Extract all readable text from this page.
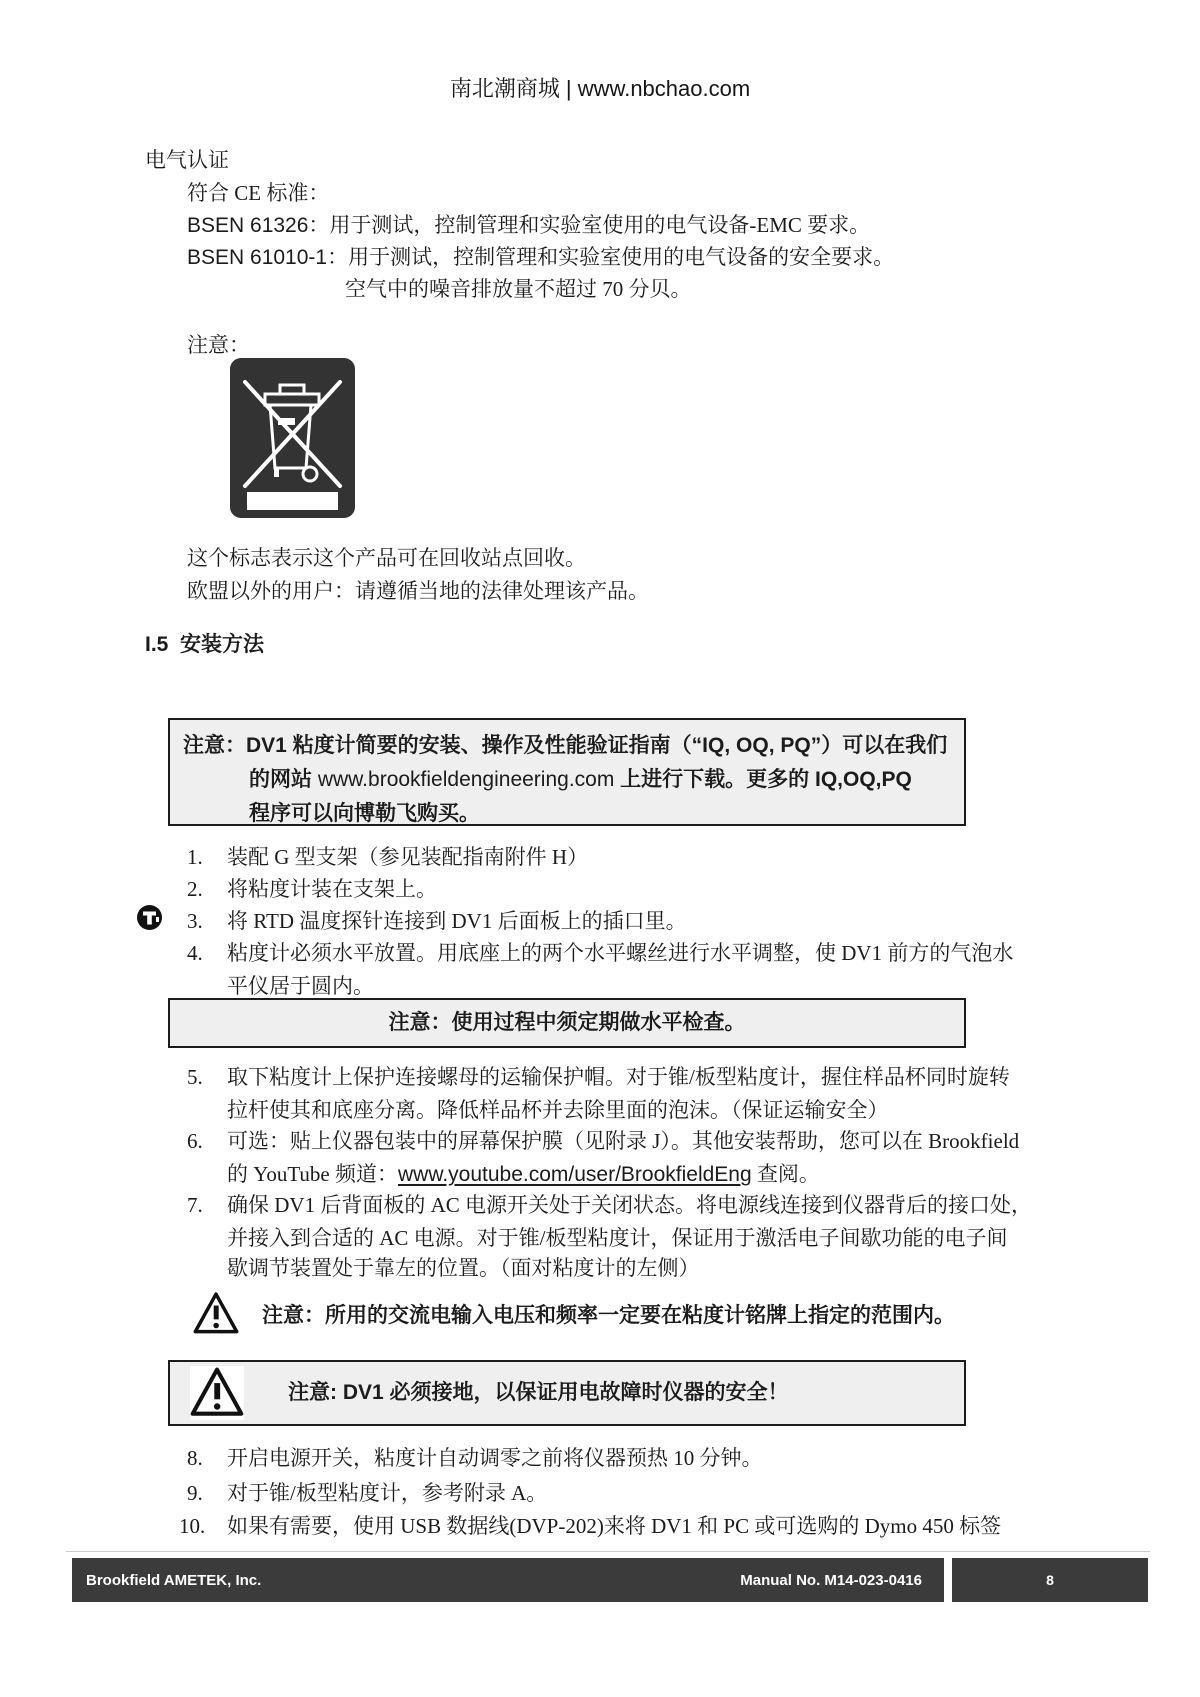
南北潮商城 | www.nbchao.com
电气认证
符合 CE 标准：
BSEN 61326：用于测试，控制管理和实验室使用的电气设备-EMC 要求。
BSEN 61010-1：用于测试，控制管理和实验室使用的电气设备的安全要求。
空气中的噪音排放量不超过 70 分贝。
注意：
这个标志表示这个产品可在回收站点回收。
欧盟以外的用户：请遵循当地的法律处理该产品。
I.5 安装方法
注意：DV1 粘度计简要的安装、操作及性能验证指南（“IQ, OQ, PQ”）可以在我们
的网站 www.brookfieldengineering.com 上进行下载。更多的 IQ,OQ,PQ
程序可以向博勒飞购买。
1. 装配 G 型支架（参见装配指南附件 H）
2. 将粘度计装在支架上。
3. 将 RTD 温度探针连接到 DV1 后面板上的插口里。
4. 粘度计必须水平放置。用底座上的两个水平螺丝进行水平调整，使 DV1 前方的气泡水
平仪居于圆内。
注意：使用过程中须定期做水平检查。
5. 取下粘度计上保护连接螺母的运输保护帽。对于锥/板型粘度计，握住样品杯同时旋转
拉杆使其和底座分离。降低样品杯并去除里面的泡沫。（保证运输安全）
6. 可选：贴上仪器包装中的屏幕保护膜（见附录 J）。其他安装帮助，您可以在 Brookfield
的 YouTube 频道：www.youtube.com/user/BrookfieldEng 查阅。
7. 确保 DV1 后背面板的 AC 电源开关处于关闭状态。将电源线连接到仪器背后的接口处，
并接入到合适的 AC 电源。对于锥/板型粘度计，保证用于激活电子间歇功能的电子间
歇调节装置处于靠左的位置。（面对粘度计的左侧）
注意：所用的交流电输入电压和频率一定要在粘度计铭牌上指定的范围内。
注意: DV1 必须接地，以保证用电故障时仪器的安全！
8. 开启电源开关，粘度计自动调零之前将仪器预热 10 分钟。
9. 对于锥/板型粘度计，参考附录 A。
10. 如果有需要，使用 USB 数据线(DVP-202)来将 DV1 和 PC 或可选购的 Dymo 450 标签
Brookfield AMETEK, Inc.	Manual No. M14-023-0416	8
